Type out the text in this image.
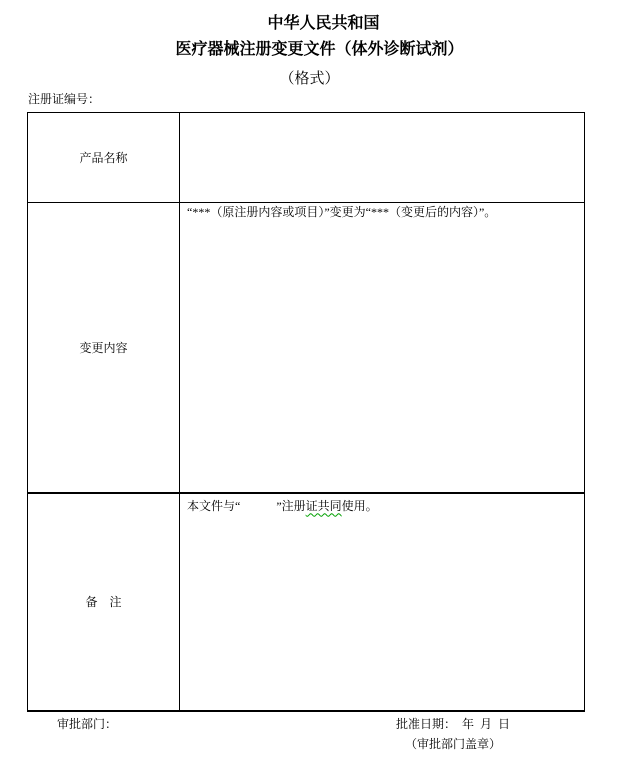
中华人民共和国
医疗器械注册变更文件（体外诊断试剂）
（格式）
注册证编号：
产品名称	
变更内容	“***（原注册内容或项目）”变更为“***（变更后的内容）”。
备　注	本文件与“　　　”注册证共同使用。
审批部门：	批准日期：  年  月  日
（审批部门盖章）
